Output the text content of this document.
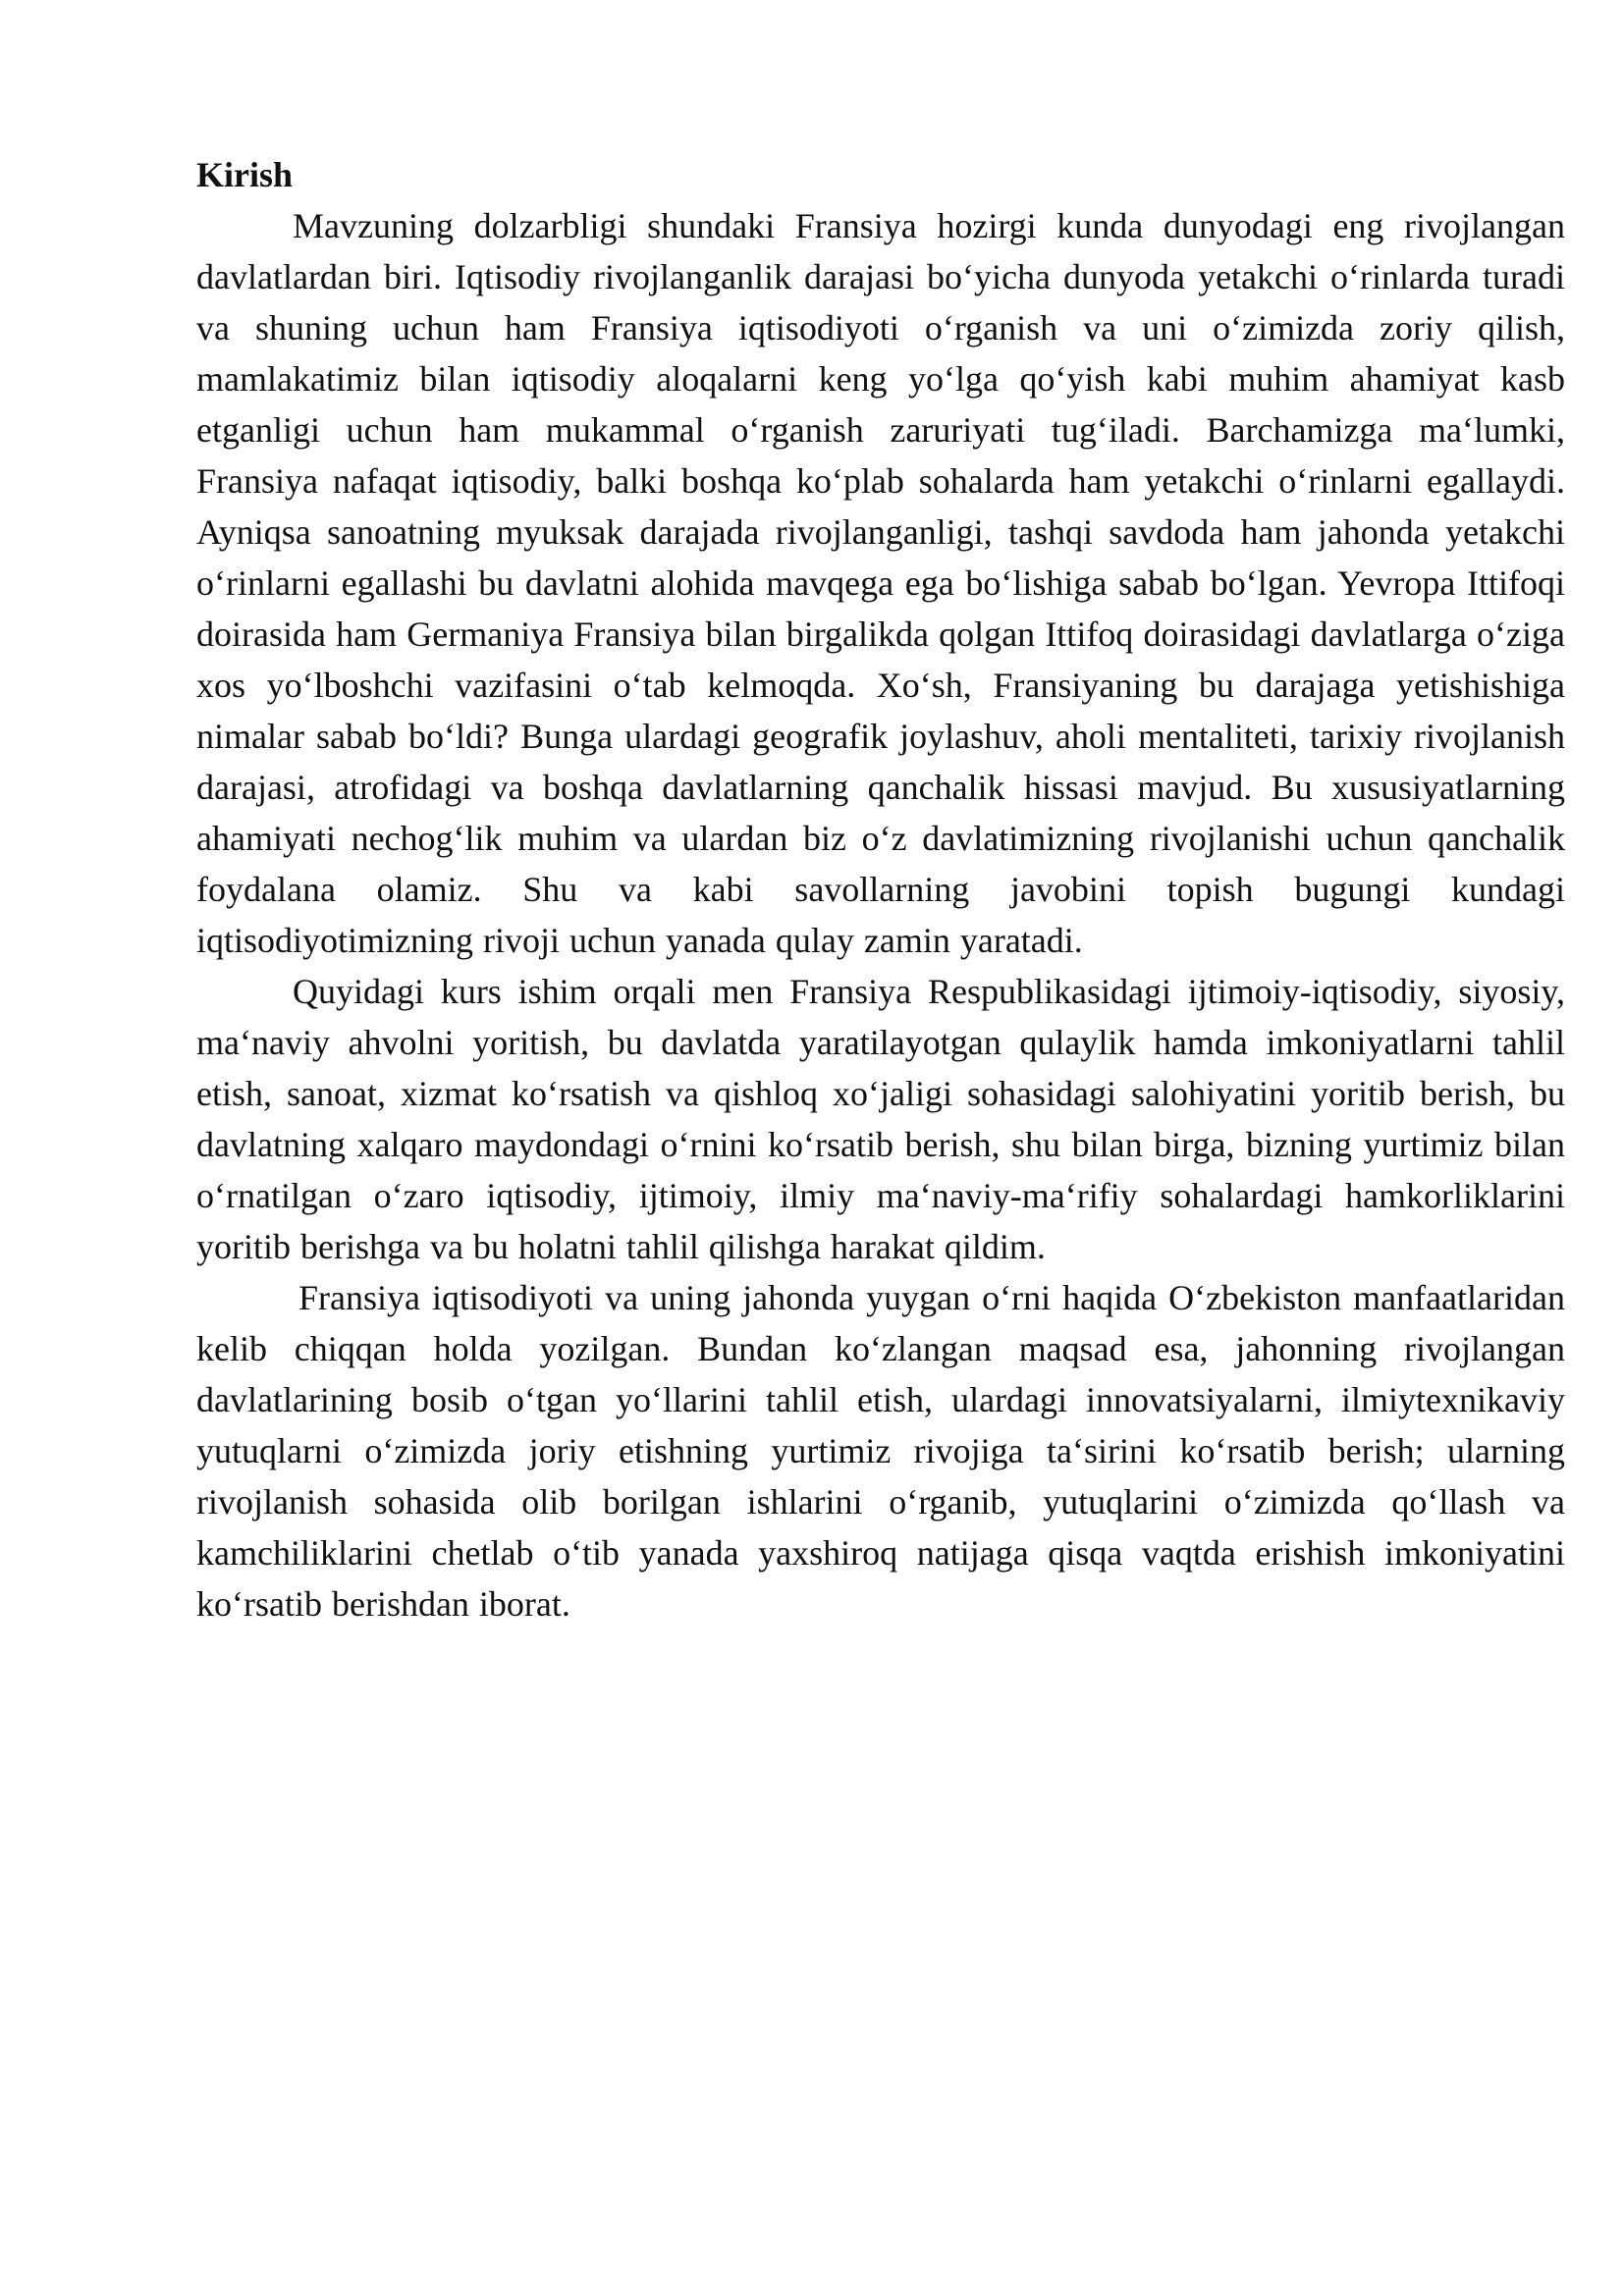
Kirish

Mavzuning dolzarbligi shundaki Fransiya hozirgi kunda dunyodagi eng rivojlangan davlatlardan biri. Iqtisodiy rivojlanganlik darajasi bo‘yicha dunyoda yetakchi o‘rinlarda turadi va shuning uchun ham Fransiya iqtisodiyoti o‘rganish va uni o‘zimizda zoriy qilish, mamlakatimiz bilan iqtisodiy aloqalarni keng yo‘lga qo‘yish kabi muhim ahamiyat kasb etganligi uchun ham mukammal o‘rganish zaruriyati tug‘iladi. Barchamizga ma‘lumki, Fransiya nafaqat iqtisodiy, balki boshqa ko‘plab sohalarda ham yetakchi o‘rinlarni egallaydi. Ayniqsa sanoatning myuksak darajada rivojlanganligi, tashqi savdoda ham jahonda yetakchi o‘rinlarni egallashi bu davlatni alohida mavqega ega bo‘lishiga sabab bo‘lgan. Yevropa Ittifoqi doirasida ham Germaniya Fransiya bilan birgalikda qolgan Ittifoq doirasidagi davlatlarga o‘ziga xos yo‘lboshchi vazifasini o‘tab kelmoqda. Xo‘sh, Fransiyaning bu darajaga yetishishiga nimalar sabab bo‘ldi? Bunga ulardagi geografik joylashuv, aholi mentaliteti, tarixiy rivojlanish darajasi, atrofidagi va boshqa davlatlarning qanchalik hissasi mavjud. Bu xususiyatlarning ahamiyati nechog‘lik muhim va ulardan biz o‘z davlatimizning rivojlanishi uchun qanchalik foydalana olamiz. Shu va kabi savollarning javobini topish bugungi kundagi iqtisodiyotimizning rivoji uchun yanada qulay zamin yaratadi.

Quyidagi kurs ishim orqali men Fransiya Respublikasidagi ijtimoiy-iqtisodiy, siyosiy, ma‘naviy ahvolni yoritish, bu davlatda yaratilayotgan qulaylik hamda imkoniyatlarni tahlil etish, sanoat, xizmat ko‘rsatish va qishloq xo‘jaligi sohasidagi salohiyatini yoritib berish, bu davlatning xalqaro maydondagi o‘rnini ko‘rsatib berish, shu bilan birga, bizning yurtimiz bilan o‘rnatilgan o‘zaro iqtisodiy, ijtimoiy, ilmiy ma‘naviy-ma‘rifiy sohalardagi hamkorliklarini yoritib berishga va bu holatni tahlil qilishga harakat qildim.

Fransiya iqtisodiyoti va uning jahonda yuygan o‘rni haqida O‘zbekiston manfaatlaridan kelib chiqqan holda yozilgan. Bundan ko‘zlangan maqsad esa, jahonning rivojlangan davlatlarining bosib o‘tgan yo‘llarini tahlil etish, ulardagi innovatsiyalarni, ilmiytexnikaviy yutuqlarni o‘zimizda joriy etishning yurtimiz rivojiga ta‘sirini ko‘rsatib berish; ularning rivojlanish sohasida olib borilgan ishlarini o‘rganib, yutuqlarini o‘zimizda qo‘llash va kamchiliklarini chetlab o‘tib yanada yaxshiroq natijaga qisqa vaqtda erishish imkoniyatini ko‘rsatib berishdan iborat.
